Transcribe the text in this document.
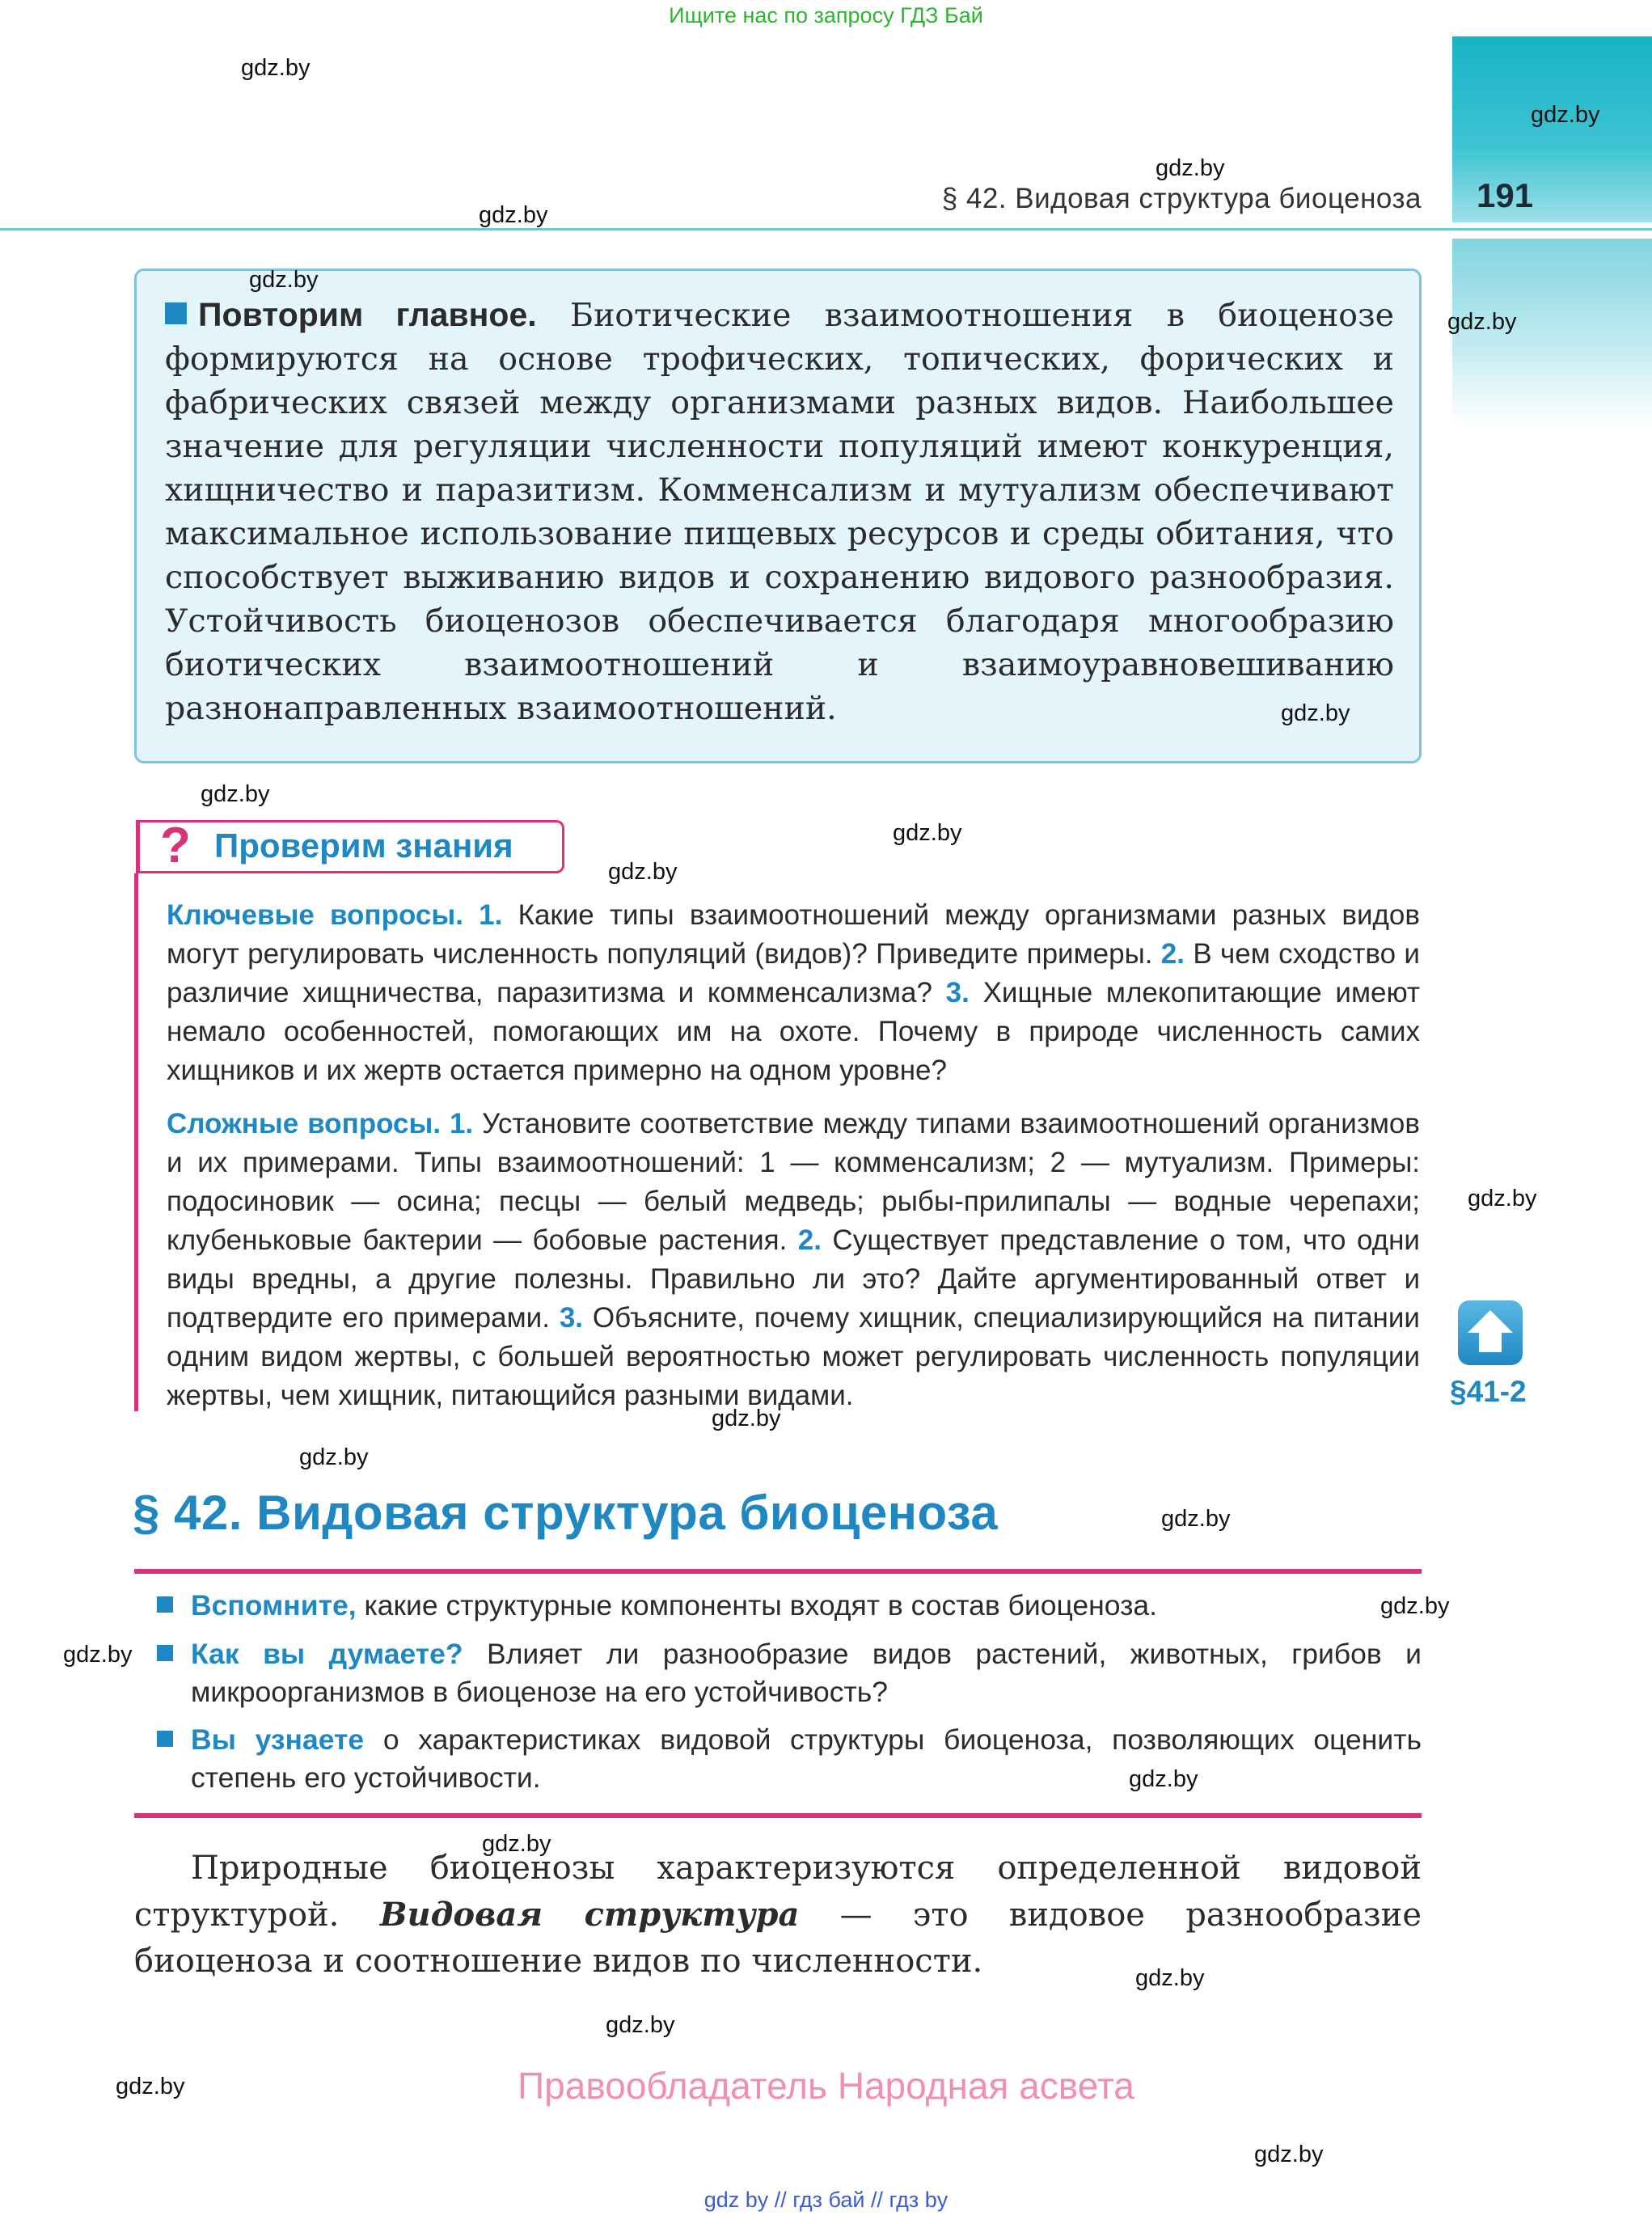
Ищите нас по запросу ГДЗ Бай
191
§ 42. Видовая структура биоценоза
Повторим главное. Биотические взаимоотношения в биоценозе формируются на основе трофических, топических, форических и фабрических связей между организмами разных видов. Наибольшее значение для регуляции численности популяций имеют конкуренция, хищничество и паразитизм. Комменсализм и мутуализм обеспечивают максимальное использование пищевых ресурсов и среды обитания, что способствует выживанию видов и сохранению видового разнообразия. Устойчивость биоценозов обеспечивается благодаря многообразию биотических взаимоотношений и взаимоуравновешиванию разнонаправленных взаимоотношений.
? Проверим знания
Ключевые вопросы. 1. Какие типы взаимоотношений между организмами разных видов могут регулировать численность популяций (видов)? Приведите примеры. 2. В чем сходство и различие хищничества, паразитизма и комменсализма? 3. Хищные млекопитающие имеют немало особенностей, помогающих им на охоте. Почему в природе численность самих хищников и их жертв остается примерно на одном уровне?
Сложные вопросы. 1. Установите соответствие между типами взаимоотношений организмов и их примерами. Типы взаимоотношений: 1 — комменсализм; 2 — мутуализм. Примеры: подосиновик — осина; песцы — белый медведь; рыбы-прилипалы — водные черепахи; клубеньковые бактерии — бобовые растения. 2. Существует представление о том, что одни виды вредны, а другие полезны. Правильно ли это? Дайте аргументированный ответ и подтвердите его примерами. 3. Объясните, почему хищник, специализирующийся на питании одним видом жертвы, с большей вероятностью может регулировать численность популяции жертвы, чем хищник, питающийся разными видами.	§41-2
§ 42. Видовая структура биоценоза
Вспомните, какие структурные компоненты входят в состав биоценоза.
Как вы думаете? Влияет ли разнообразие видов растений, животных, грибов и микроорганизмов в биоценозе на его устойчивость?
Вы узнаете о характеристиках видовой структуры биоценоза, позволяющих оценить степень его устойчивости.
Природные биоценозы характеризуются определенной видовой структурой. Видовая структура — это видовое разнообразие биоценоза и соотношение видов по численности.
Правообладатель Народная асвета
gdz by // гдз бай // гдз by
gdz.by
gdz.by
gdz.by
gdz.by
gdz.by
gdz.by
gdz.by
gdz.by
gdz.by
gdz.by
gdz.by
gdz.by
gdz.by
gdz.by
gdz.by
gdz.by
gdz.by
gdz.by
gdz.by
gdz.by
gdz.by
gdz.by
